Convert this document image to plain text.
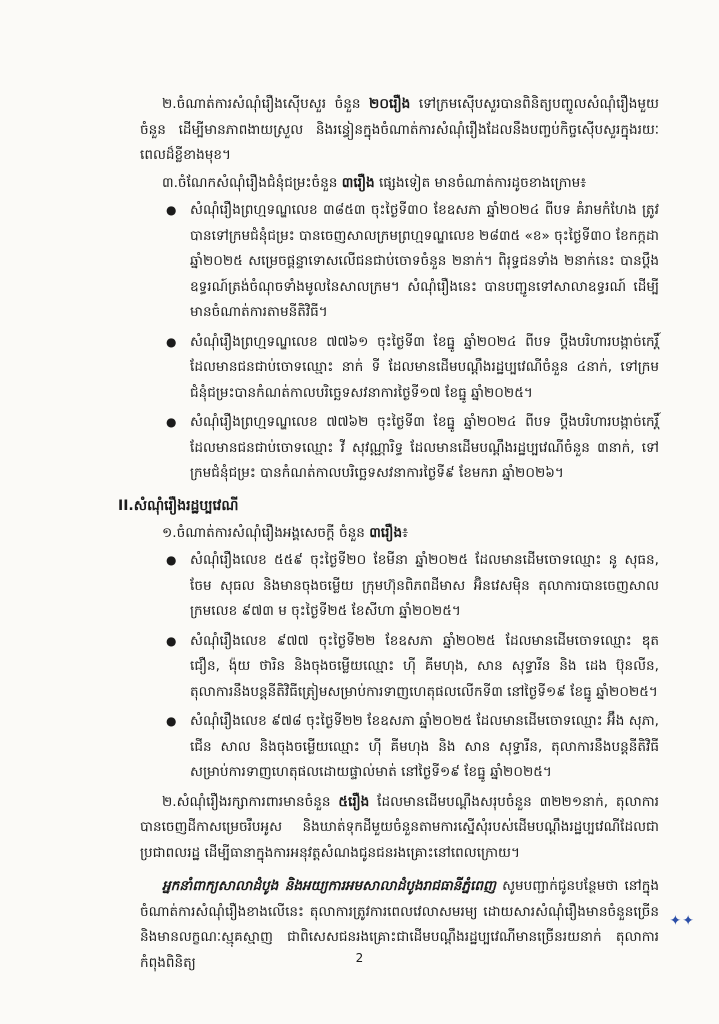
២.ចំណាត់ការសំណុំរឿងស៊ើបសួរ ចំនួន ២០រឿង ទៅក្រមស៊ើបសួរបានពិនិត្យបញ្ចូលសំណុំរឿងមួយចំនួន ដើម្បីមានភាពងាយស្រួល និងរន្ធៀនក្នុងចំណាត់ការសំណុំរឿងដែលនឹងបញ្ចប់កិច្ចស៊ើបសួរក្នុងរយៈពេលដ៏ខ្លីខាងមុខ។

៣.ចំណែកសំណុំរឿងជំនុំជម្រះចំនួន ៣រឿង ផ្សេងទៀត មានចំណាត់ការដូចខាងក្រោម៖

● សំណុំរឿងព្រហ្មទណ្ឌលេខ ៣៨៥៣ ចុះថ្ងៃទី៣០ ខែឧសភា ឆ្នាំ២០២៤ ពីបទ គំរាមកំហែង ត្រូវបានទៅក្រមជំនុំជម្រះ បានចេញសាលក្រមព្រហ្មទណ្ឌលេខ ២៨៣៥ «ខ» ចុះថ្ងៃទី៣០ ខែកក្កដា ឆ្នាំ២០២៥ សម្រេចផ្តន្ទាទោសលើជនជាប់ចោទចំនួន ២នាក់។ ពិរុទ្ធជនទាំង ២នាក់នេះ បានប្តឹងឧទ្ធរណ៍ត្រង់ចំណុចទាំងមូលនៃសាលក្រម។ សំណុំរឿងនេះ បានបញ្ជូនទៅសាលាឧទ្ធរណ៍ ដើម្បីមានចំណាត់ការតាមនីតិវិធី។
● សំណុំរឿងព្រហ្មទណ្ឌលេខ ៧៧៦១ ចុះថ្ងៃទី៣ ខែធ្នូ ឆ្នាំ២០២៤ ពីបទ ប្តឹងបរិហារបង្កាច់កេរ្តិ៍ ដែលមានជនជាប់ចោទឈ្មោះ នាក់ ទី ដែលមានដើមបណ្តឹងរដ្ឋប្បវេណីចំនួន ៤នាក់, ទៅក្រមជំនុំជម្រះបានកំណត់កាលបរិច្ឆេទសវនាការថ្ងៃទី១៧ ខែធ្នូ ឆ្នាំ២០២៥។
● សំណុំរឿងព្រហ្មទណ្ឌលេខ ៧៧៦២ ចុះថ្ងៃទី៣ ខែធ្នូ ឆ្នាំ២០២៤ ពីបទ ប្តឹងបរិហារបង្កាច់កេរ្តិ៍ ដែលមានជនជាប់ចោទឈ្មោះ វី សុវណ្ណារិទ្ធ ដែលមានដើមបណ្តឹងរដ្ឋប្បវេណីចំនួន ៣នាក់, ទៅក្រមជំនុំជម្រះ បានកំណត់កាលបរិច្ឆេទសវនាការថ្ងៃទី៩ ខែមករា ឆ្នាំ២០២៦។
II.សំណុំរឿងរដ្ឋប្បវេណី

១.ចំណាត់ការសំណុំរឿងអង្គសេចក្តី ចំនួន ៣រឿង៖

● សំណុំរឿងលេខ ៥៥៩ ចុះថ្ងៃទី២០ ខែមីនា ឆ្នាំ២០២៥ ដែលមានដើមចោទឈ្មោះ នូ សុធន, ចែម សុធល និងមានចុងចម្លើយ ក្រុមហ៊ុនពិភពដីមាស អ៊ិនវេសម៉ិន តុលាការបានចេញសាលក្រមលេខ ៩៧៣ ម ចុះថ្ងៃទី២៥ ខែសីហា ឆ្នាំ២០២៥។
● សំណុំរឿងលេខ ៩៧៧ ចុះថ្ងៃទី២២ ខែឧសភា ឆ្នាំ២០២៥ ដែលមានដើមចោទឈ្មោះ ឌុត ជឿន, ង៉ុយ ថារិន និងចុងចម្លើយឈ្មោះ ហ៊ី គីមហុង, សាន សុទ្ធារីន និង ដេង ប៊ុនលីន, តុលាការនឹងបន្តនីតិវិធីត្រៀមសម្រាប់ការទាញហេតុផលលើកទី៣ នៅថ្ងៃទី១៩ ខែធ្នូ ឆ្នាំ២០២៥។
● សំណុំរឿងលេខ ៩៧៨ ចុះថ្ងៃទី២២ ខែឧសភា ឆ្នាំ២០២៥ ដែលមានដើមចោទឈ្មោះ អ៊ឹង សុភា, ជើន សាល និងចុងចម្លើយឈ្មោះ ហ៊ី គីមហុង និង សាន សុទ្ធារីន, តុលាការនឹងបន្តនីតិវិធីសម្រាប់ការទាញហេតុផលដោយផ្ទាល់មាត់ នៅថ្ងៃទី១៩ ខែធ្នូ ឆ្នាំ២០២៥។

២.សំណុំរឿងរក្សាការពារមានចំនួន ៥រឿង ដែលមានដើមបណ្តឹងសរុបចំនួន ៣២២១នាក់, តុលាការបានចេញដីកាសម្រេចរឹបអូស និងឃាត់ទុកដីមួយចំនួនតាមការស្នើសុំរបស់ដើមបណ្តឹងរដ្ឋប្បវេណីដែលជាប្រជាពលរដ្ឋ ដើម្បីធានាក្នុងការអនុវត្តសំណងជូនជនរងគ្រោះនៅពេលក្រោយ។

អ្នកនាំពាក្យសាលាដំបូង និងអយ្យការអមសាលាដំបូងរាជធានីភ្នំពេញ សូមបញ្ជាក់ជូនបន្ថែមថា នៅក្នុងចំណាត់ការសំណុំរឿងខាងលើនេះ តុលាការត្រូវការពេលវេលាសមរម្យ ដោយសារសំណុំរឿងមានចំនួនច្រើន និងមានលក្ខណៈស្មុគស្មាញ ជាពិសេសជនរងគ្រោះជាដើមបណ្តឹងរដ្ឋប្បវេណីមានច្រើនរយនាក់ តុលាការកំពុងពិនិត្យ

✦✦
2
